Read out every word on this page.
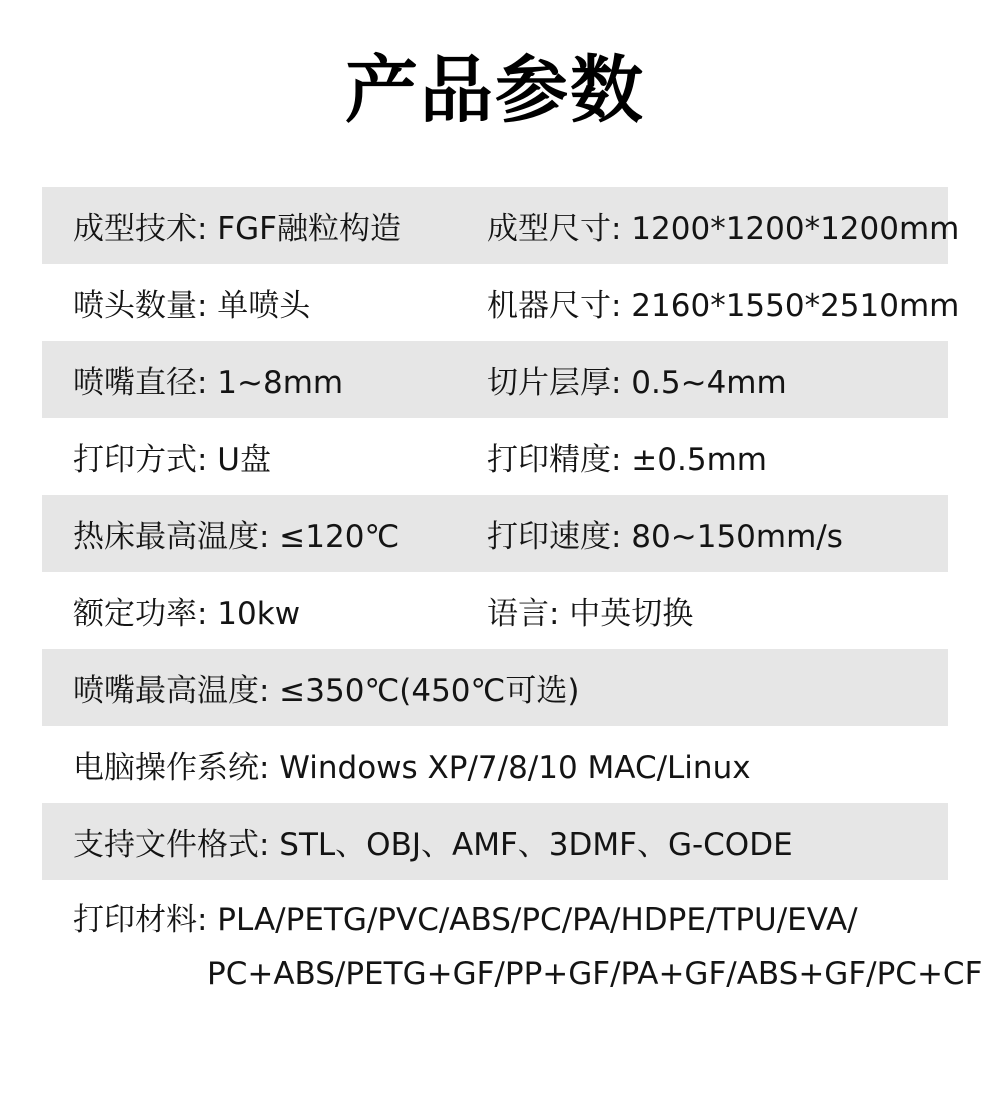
产品参数
成型技术: FGF融粒构造	成型尺寸: 1200*1200*1200mm
喷头数量: 单喷头	机器尺寸: 2160*1550*2510mm
喷嘴直径: 1~8mm	切片层厚: 0.5~4mm
打印方式: U盘	打印精度: ±0.5mm
热床最高温度: ≤120℃	打印速度: 80~150mm/s
额定功率: 10kw	语言: 中英切换
喷嘴最高温度: ≤350℃(450℃可选)
电脑操作系统: Windows XP/7/8/10 MAC/Linux
支持文件格式: STL、OBJ、AMF、3DMF、G-CODE
打印材料: PLA/PETG/PVC/ABS/PC/PA/HDPE/TPU/EVA/
PC+ABS/PETG+GF/PP+GF/PA+GF/ABS+GF/PC+CF
